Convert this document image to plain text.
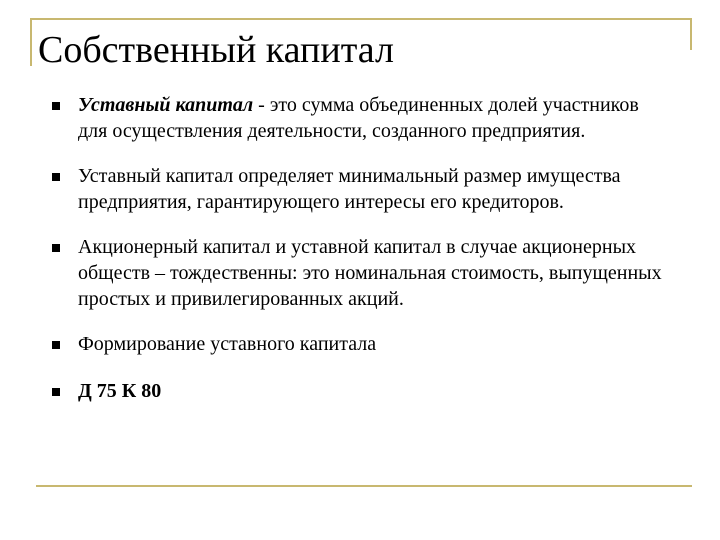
Собственный капитал
Уставный капитал - это сумма объединенных долей участников для осуществления деятельности, созданного предприятия.
Уставный капитал определяет минимальный размер имущества предприятия, гарантирующего интересы его кредиторов.
Акционерный капитал и уставной капитал в случае акционерных обществ – тождественны: это номинальная стоимость, выпущенных простых и привилегированных акций.
Формирование уставного капитала
Д 75 К 80
